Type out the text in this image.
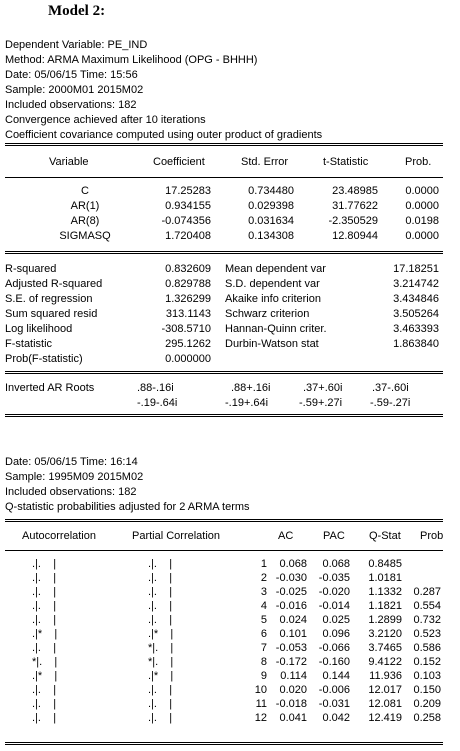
Model 2:
Dependent Variable: PE_IND
Method: ARMA Maximum Likelihood (OPG - BHHH)
Date: 05/06/15 Time: 15:56
Sample: 2000M01 2015M02
Included observations: 182
Convergence achieved after 10 iterations
Coefficient covariance computed using outer product of gradients
Variable	Coefficient	Std. Error	t-Statistic	Prob.
C	17.25283	0.734480	23.48985 0.0000
AR(1)	0.934155	0.029398	31.77622 0.0000
AR(8)	-0.074356	0.031634	-2.350529 0.0198
SIGMASQ	1.720408	0.134308	12.80944 0.0000
R-squared	0.832609 Mean dependent var	17.18251
Adjusted R-squared	0.829788 S.D. dependent var	3.214742
S.E. of regression	1.326299 Akaike info criterion	3.434846
Sum squared resid	313.1143 Schwarz criterion	3.505264
Log likelihood	-308.5710 Hannan-Quinn criter.	3.463393
F-statistic	295.1262 Durbin-Watson stat	1.863840
Prob(F-statistic)	0.000000
Inverted AR Roots	.88-.16i	.88+.16i	.37+.60i	.37-.60i
-.19-.64i	-.19+.64i	-.59+.27i	-.59-.27i
Date: 05/06/15 Time: 16:14
Sample: 1995M09 2015M02
Included observations: 182
Q-statistic probabilities adjusted for 2 ARMA terms
Autocorrelation	Partial Correlation	AC	PAC Q-Stat Prob
.|.    |	.|.    |	1 0.068 0.068 0.8485
.|.    |	.|.    |	2 -0.030 -0.035 1.0181
.|.    |	.|.    |	3 -0.025 -0.020 1.1332 0.287
.|.    |	.|.    |	4 -0.016 -0.014 1.1821 0.554
.|.    |	.|.    |	5 0.024 0.025 1.2899 0.732
.|*    |	.|*    |	6 0.101 0.096 3.2120 0.523
.|.    |	*|.    |	7 -0.053 -0.066 3.7465 0.586
*|.    |	*|.    |	8 -0.172 -0.160 9.4122 0.152
.|*    |	.|*    |	9 0.114 0.144 11.936 0.103
.|.    |	.|.    |	10 0.020 -0.006 12.017 0.150
.|.    |	.|.    |	11 -0.018 -0.031 12.081 0.209
.|.    |	.|.    |	12 0.041 0.042 12.419 0.258
